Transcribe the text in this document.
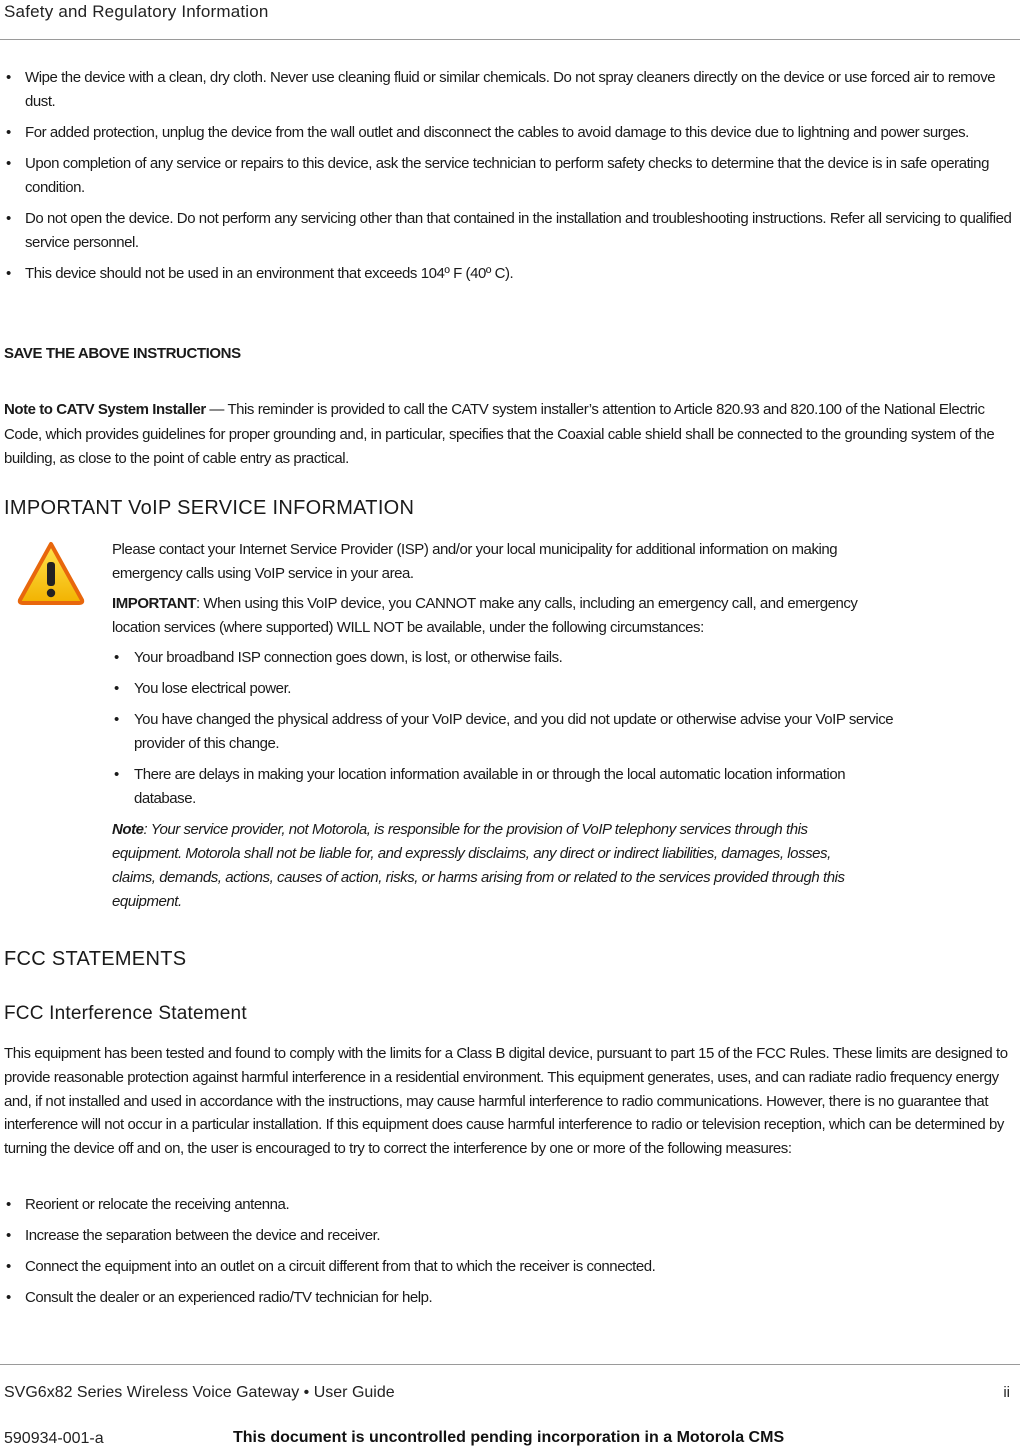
Safety and Regulatory Information
• Wipe the device with a clean, dry cloth. Never use cleaning fluid or similar chemicals. Do not spray cleaners directly on the device or use forced air to remove dust.
• For added protection, unplug the device from the wall outlet and disconnect the cables to avoid damage to this device due to lightning and power surges.
• Upon completion of any service or repairs to this device, ask the service technician to perform safety checks to determine that the device is in safe operating condition.
• Do not open the device. Do not perform any servicing other than that contained in the installation and troubleshooting instructions. Refer all servicing to qualified service personnel.
• This device should not be used in an environment that exceeds 104º F (40º C).
SAVE THE ABOVE INSTRUCTIONS
Note to CATV System Installer — This reminder is provided to call the CATV system installer’s attention to Article 820.93 and 820.100 of the National Electric Code, which provides guidelines for proper grounding and, in particular, specifies that the Coaxial cable shield shall be connected to the grounding system of the building, as close to the point of cable entry as practical.
IMPORTANT VoIP SERVICE INFORMATION

Please contact your Internet Service Provider (ISP) and/or your local municipality for additional information on making emergency calls using VoIP service in your area.

IMPORTANT: When using this VoIP device, you CANNOT make any calls, including an emergency call, and emergency location services (where supported) WILL NOT be available, under the following circumstances:

• Your broadband ISP connection goes down, is lost, or otherwise fails.
• You lose electrical power.
• You have changed the physical address of your VoIP device, and you did not update or otherwise advise your VoIP service provider of this change.
• There are delays in making your location information available in or through the local automatic location information database.

Note: Your service provider, not Motorola, is responsible for the provision of VoIP telephony services through this equipment. Motorola shall not be liable for, and expressly disclaims, any direct or indirect liabilities, damages, losses, claims, demands, actions, causes of action, risks, or harms arising from or related to the services provided through this equipment.

FCC STATEMENTS
FCC Interference Statement
This equipment has been tested and found to comply with the limits for a Class B digital device, pursuant to part 15 of the FCC Rules. These limits are designed to provide reasonable protection against harmful interference in a residential environment. This equipment generates, uses, and can radiate radio frequency energy and, if not installed and used in accordance with the instructions, may cause harmful interference to radio communications. However, there is no guarantee that interference will not occur in a particular installation. If this equipment does cause harmful interference to radio or television reception, which can be determined by turning the device off and on, the user is encouraged to try to correct the interference by one or more of the following measures:
• Reorient or relocate the receiving antenna.
• Increase the separation between the device and receiver.
• Connect the equipment into an outlet on a circuit different from that to which the receiver is connected.
• Consult the dealer or an experienced radio/TV technician for help.
SVG6x82 Series Wireless Voice Gateway • User Guide	ii
590934-001-a	This document is uncontrolled pending incorporation in a Motorola CMS
